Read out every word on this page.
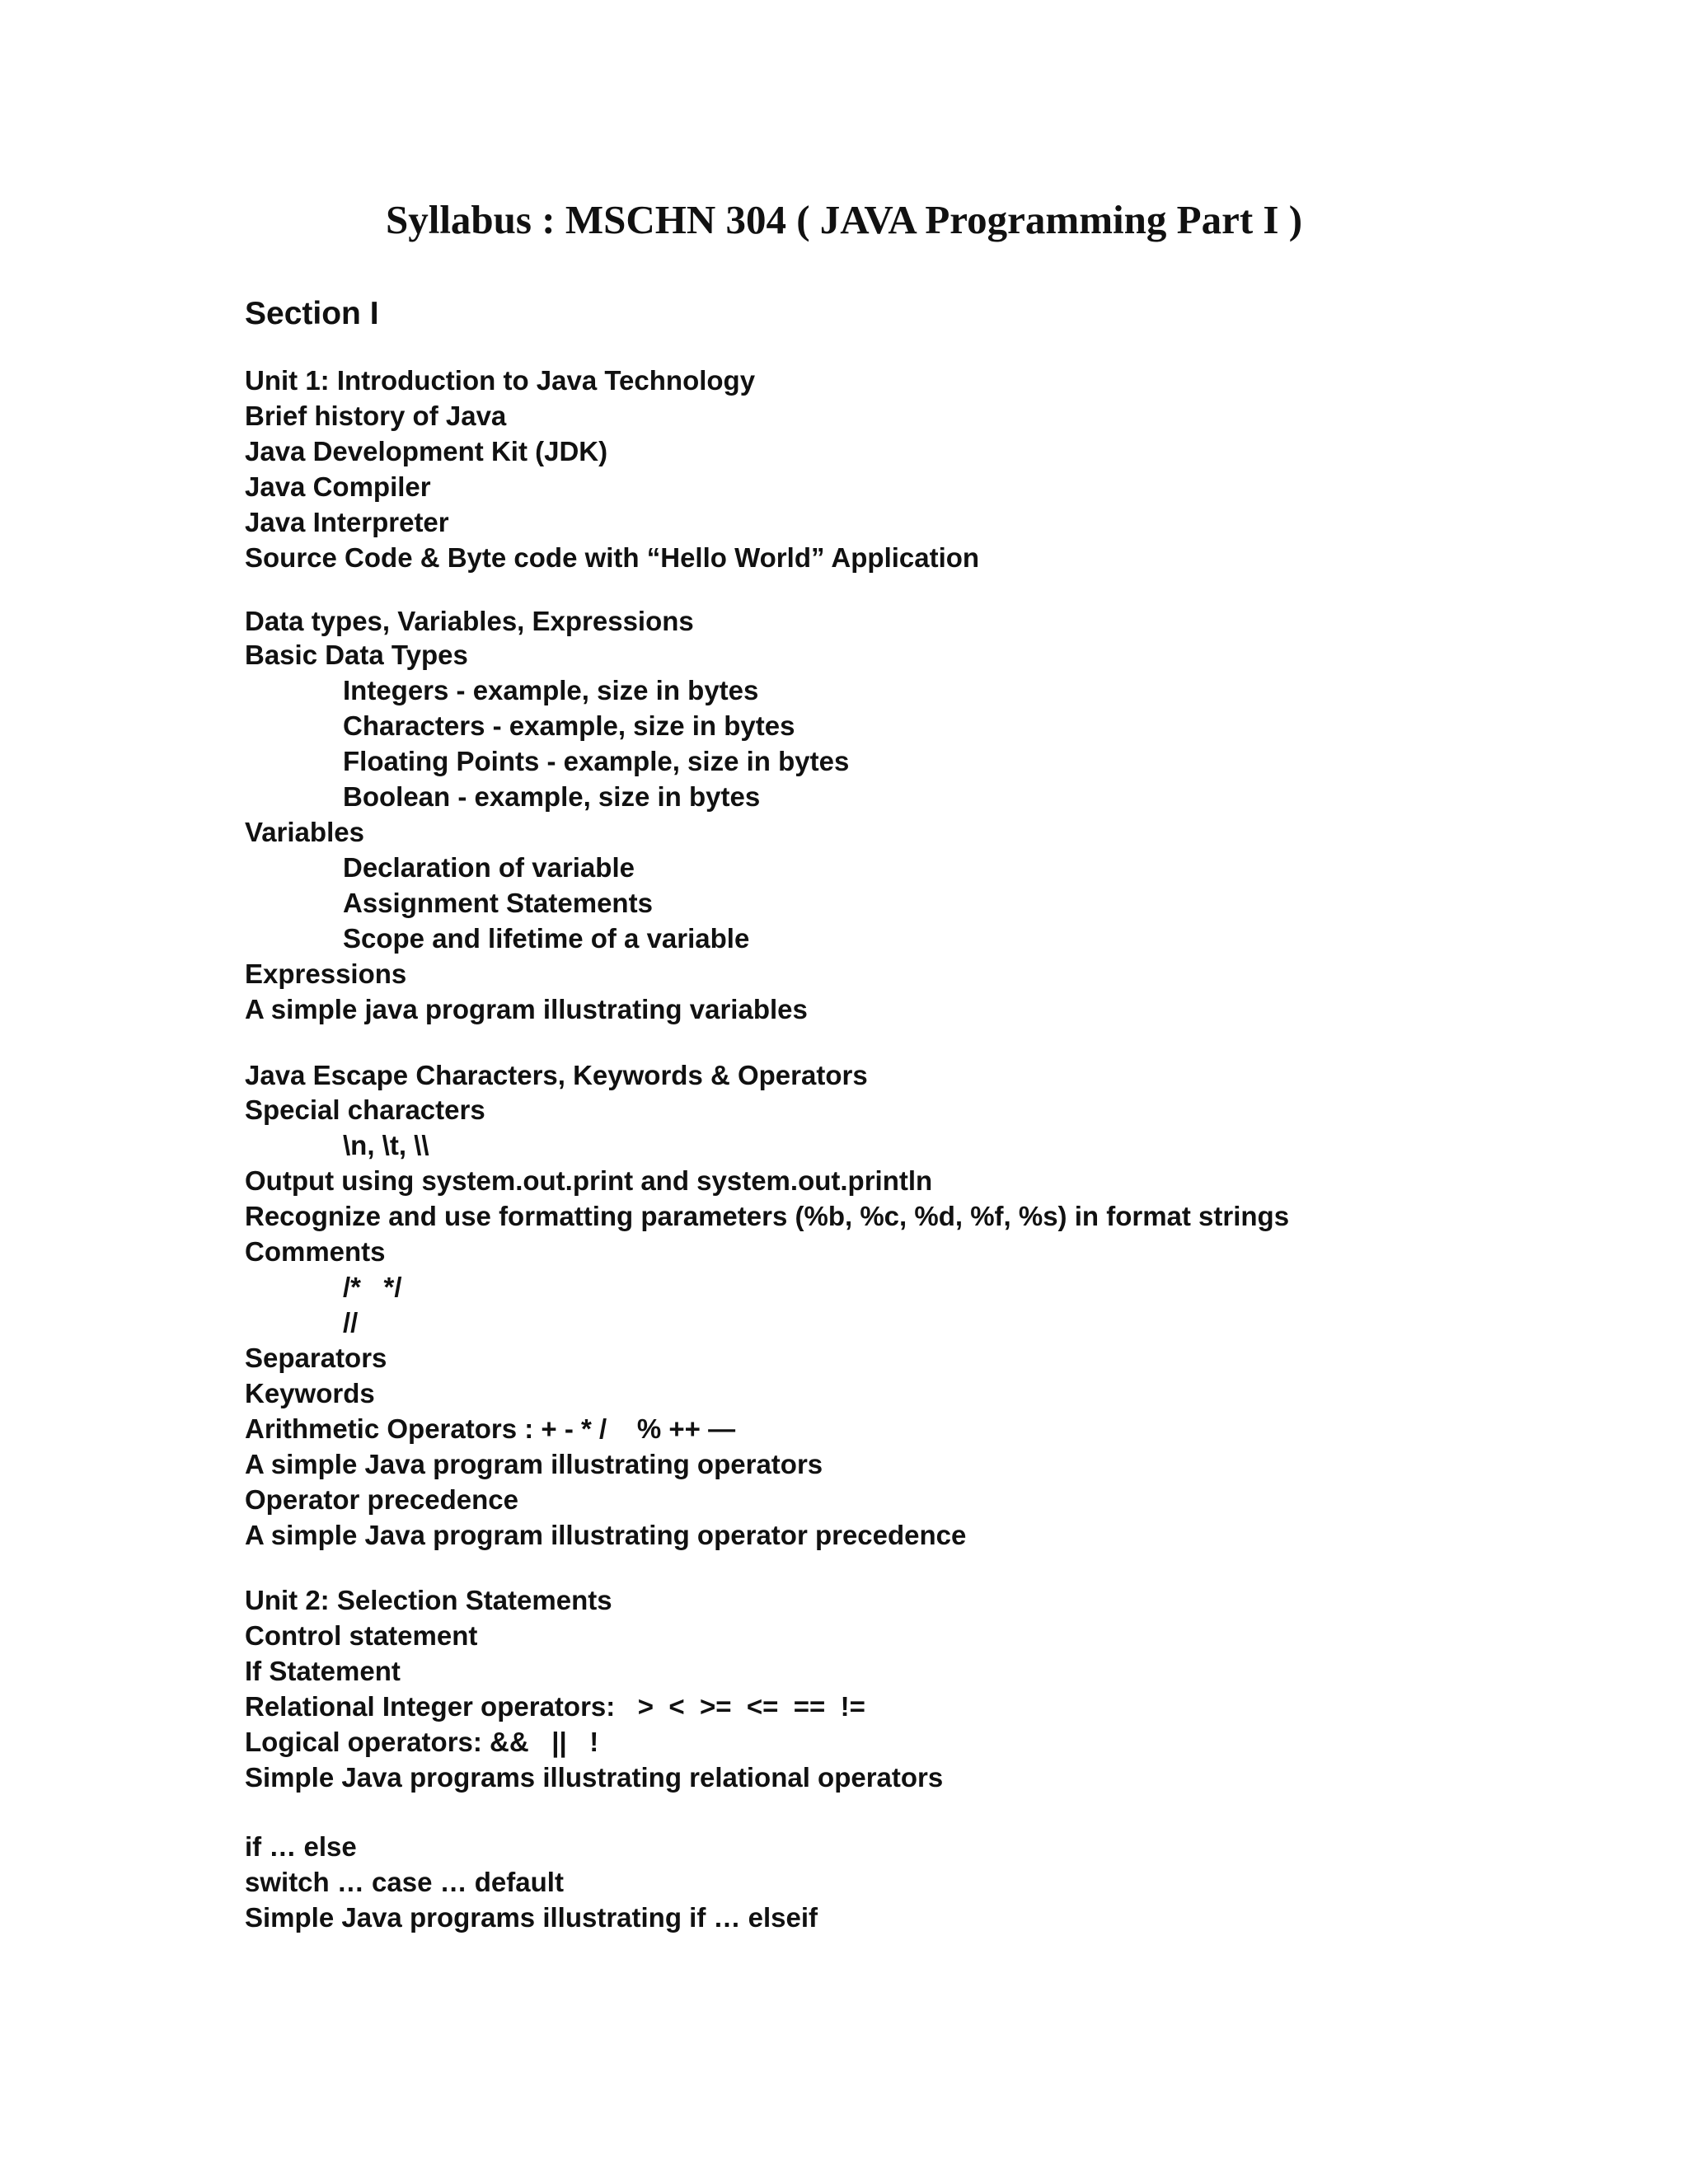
Syllabus : MSCHN 304 ( JAVA Programming Part I )
Section I
Unit 1: Introduction to Java Technology
Brief history of Java
Java Development Kit (JDK)
Java Compiler
Java Interpreter
Source Code & Byte code with “Hello World” Application
Data types, Variables, Expressions
Basic Data Types
Integers - example, size in bytes
Characters - example, size in bytes
Floating Points - example, size in bytes
Boolean - example, size in bytes
Variables
Declaration of variable
Assignment Statements
Scope and lifetime of a variable
Expressions
A simple java program illustrating variables
Java Escape Characters, Keywords & Operators
Special characters
\n, \t, \\
Output using system.out.print and system.out.println
Recognize and use formatting parameters (%b, %c, %d, %f, %s) in format strings
Comments
/*   */
//
Separators
Keywords
Arithmetic Operators : + - * /    % ++ —
A simple Java program illustrating operators
Operator precedence
A simple Java program illustrating operator precedence
Unit 2: Selection Statements
Control statement
If Statement
Relational Integer operators:   >  <  >=  <=  ==  !=
Logical operators: &&   ||   !
Simple Java programs illustrating relational operators
if … else
switch … case … default
Simple Java programs illustrating if … elseif
